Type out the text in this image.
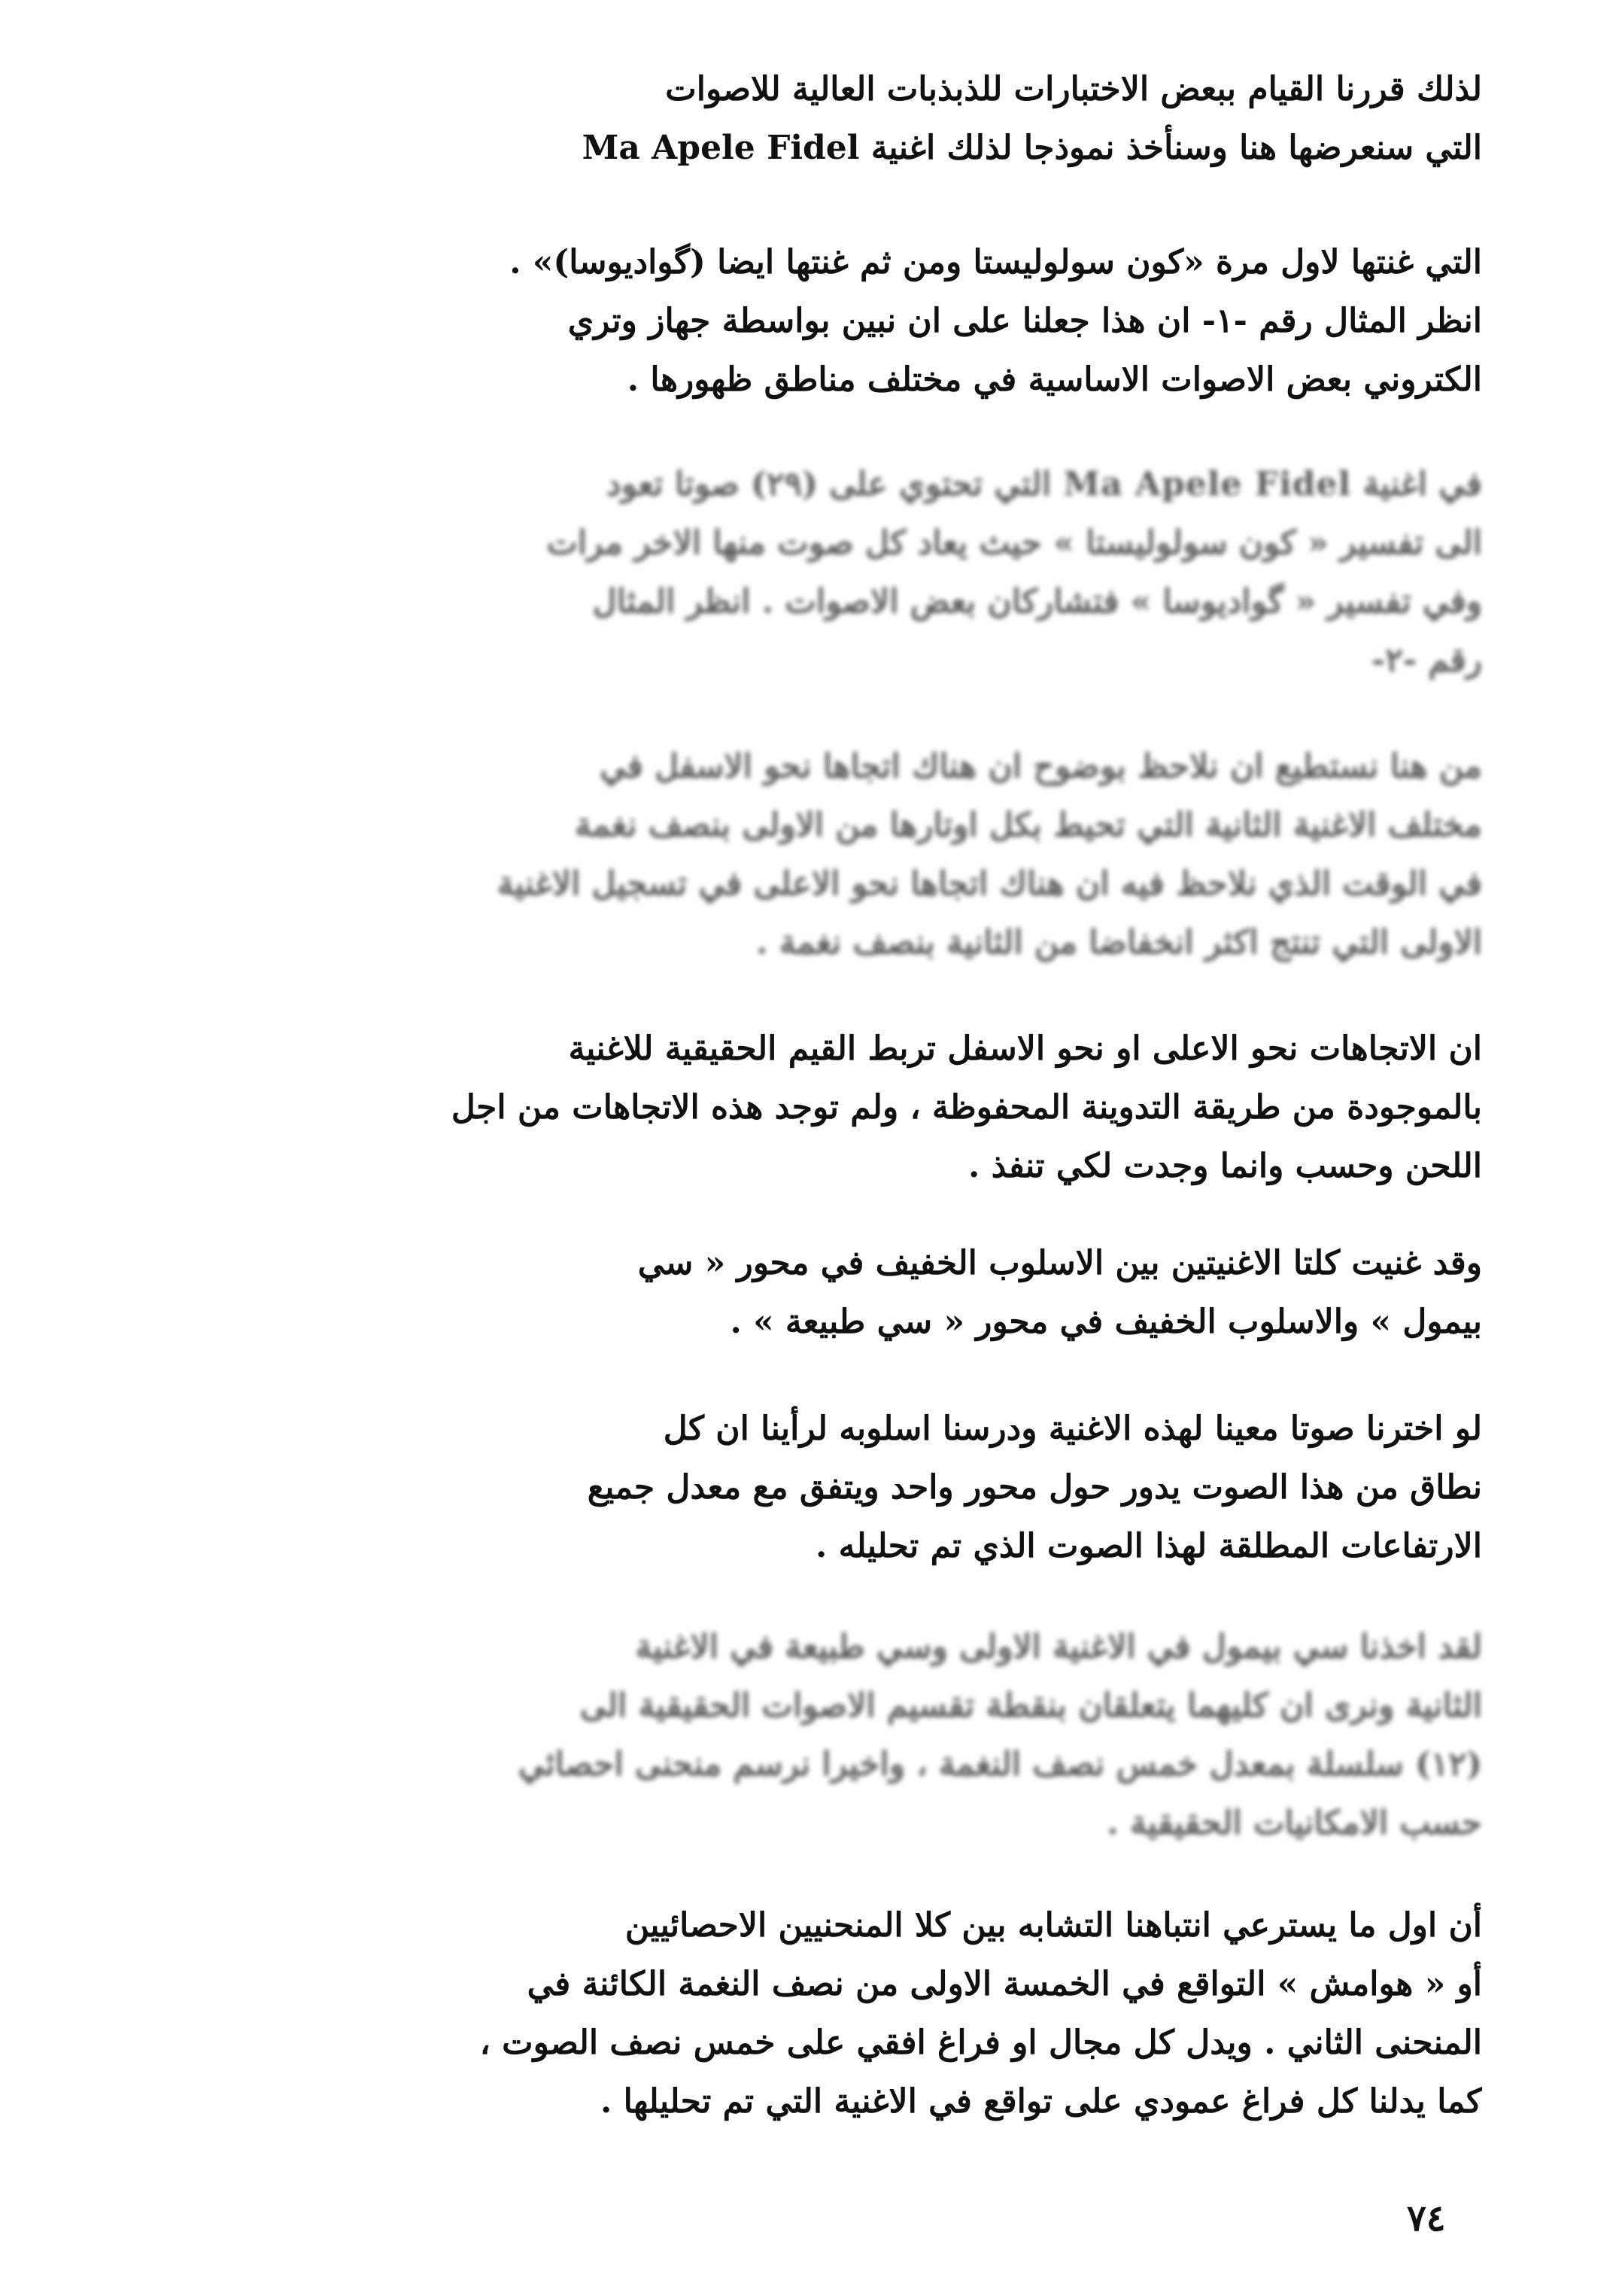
لذلك قررنا القيام ببعض الاختبارات للذبذبات العالية للاصوات
التي سنعرضها هنا وسنأخذ نموذجا لذلك اغنية Ma Apele Fidel

التي غنتها لاول مرة «كون سولوليستا ومن ثم غنتها ايضا (گواديوسا)» .
انظر المثال رقم -١- ان هذا جعلنا على ان نبين بواسطة جهاز وتري
الكتروني بعض الاصوات الاساسية في مختلف مناطق ظهورها .

في اغنية Ma Apele Fidel التي تحتوي على (٢٩) صوتا تعود
الى تفسير « كون سولوليستا » حيث يعاد كل صوت منها الاخر مرات
وفي تفسير « گواديوسا » فتشاركان بعض الاصوات . انظر المثال
رقم -٢-

من هنا نستطيع ان نلاحظ بوضوح ان هناك اتجاها نحو الاسفل في
مختلف الاغنية الثانية التي تحيط بكل اوتارها من الاولى بنصف نغمة
في الوقت الذي نلاحظ فيه ان هناك اتجاها نحو الاعلى في تسجيل الاغنية
الاولى التي تنتج اكثر انخفاضا من الثانية بنصف نغمة .

ان الاتجاهات نحو الاعلى او نحو الاسفل تربط القيم الحقيقية للاغنية
بالموجودة من طريقة التدوينة المحفوظة ، ولم توجد هذه الاتجاهات من اجل
اللحن وحسب وانما وجدت لكي تنفذ .

وقد غنيت كلتا الاغنيتين بين الاسلوب الخفيف في محور « سي
بيمول » والاسلوب الخفيف في محور « سي طبيعة » .

لو اخترنا صوتا معينا لهذه الاغنية ودرسنا اسلوبه لرأينا ان كل
نطاق من هذا الصوت يدور حول محور واحد ويتفق مع معدل جميع
الارتفاعات المطلقة لهذا الصوت الذي تم تحليله .

لقد اخذنا سي بيمول في الاغنية الاولى وسي طبيعة في الاغنية
الثانية ونرى ان كليهما يتعلقان بنقطة تقسيم الاصوات الحقيقية الى
(١٢) سلسلة بمعدل خمس نصف النغمة ، واخيرا نرسم منحنى احصائي
حسب الامكانيات الحقيقية .

أن اول ما يسترعي انتباهنا التشابه بين كلا المنحنيين الاحصائيين
أو « هوامش » التواقع في الخمسة الاولى من نصف النغمة الكائنة في
المنحنى الثاني . ويدل كل مجال او فراغ افقي على خمس نصف الصوت ،
كما يدلنا كل فراغ عمودي على تواقع في الاغنية التي تم تحليلها .

٧٤
